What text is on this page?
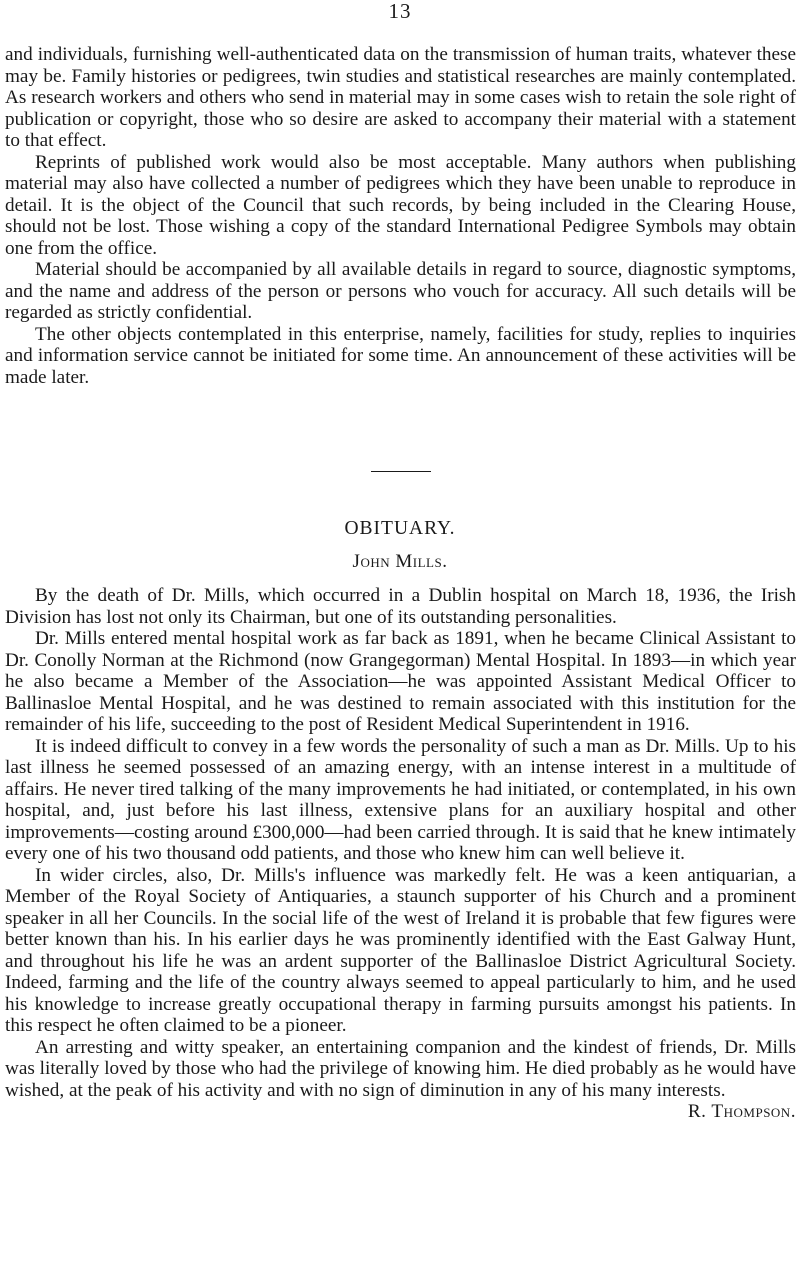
13

and individuals, furnishing well-authenticated data on the transmission of human traits, whatever these may be. Family histories or pedigrees, twin studies and statistical researches are mainly contemplated. As research workers and others who send in material may in some cases wish to retain the sole right of publication or copyright, those who so desire are asked to accompany their material with a statement to that effect.

Reprints of published work would also be most acceptable. Many authors when publishing material may also have collected a number of pedigrees which they have been unable to reproduce in detail. It is the object of the Council that such records, by being included in the Clearing House, should not be lost. Those wishing a copy of the standard International Pedigree Symbols may obtain one from the office.

Material should be accompanied by all available details in regard to source, diagnostic symptoms, and the name and address of the person or persons who vouch for accuracy. All such details will be regarded as strictly confidential.

The other objects contemplated in this enterprise, namely, facilities for study, replies to inquiries and information service cannot be initiated for some time. An announcement of these activities will be made later.

OBITUARY.
John Mills.

By the death of Dr. Mills, which occurred in a Dublin hospital on March 18, 1936, the Irish Division has lost not only its Chairman, but one of its outstanding personalities.

Dr. Mills entered mental hospital work as far back as 1891, when he became Clinical Assistant to Dr. Conolly Norman at the Richmond (now Grangegorman) Mental Hospital. In 1893—in which year he also became a Member of the Association—he was appointed Assistant Medical Officer to Ballinasloe Mental Hospital, and he was destined to remain associated with this institution for the remainder of his life, succeeding to the post of Resident Medical Superintendent in 1916.

It is indeed difficult to convey in a few words the personality of such a man as Dr. Mills. Up to his last illness he seemed possessed of an amazing energy, with an intense interest in a multitude of affairs. He never tired talking of the many improvements he had initiated, or contemplated, in his own hospital, and, just before his last illness, extensive plans for an auxiliary hospital and other improvements—costing around £300,000—had been carried through. It is said that he knew intimately every one of his two thousand odd patients, and those who knew him can well believe it.

In wider circles, also, Dr. Mills's influence was markedly felt. He was a keen antiquarian, a Member of the Royal Society of Antiquaries, a staunch supporter of his Church and a prominent speaker in all her Councils. In the social life of the west of Ireland it is probable that few figures were better known than his. In his earlier days he was prominently identified with the East Galway Hunt, and throughout his life he was an ardent supporter of the Ballinasloe District Agricultural Society. Indeed, farming and the life of the country always seemed to appeal particularly to him, and he used his knowledge to increase greatly occupational therapy in farming pursuits amongst his patients. In this respect he often claimed to be a pioneer.

An arresting and witty speaker, an entertaining companion and the kindest of friends, Dr. Mills was literally loved by those who had the privilege of knowing him. He died probably as he would have wished, at the peak of his activity and with no sign of diminution in any of his many interests.
R. Thompson.
